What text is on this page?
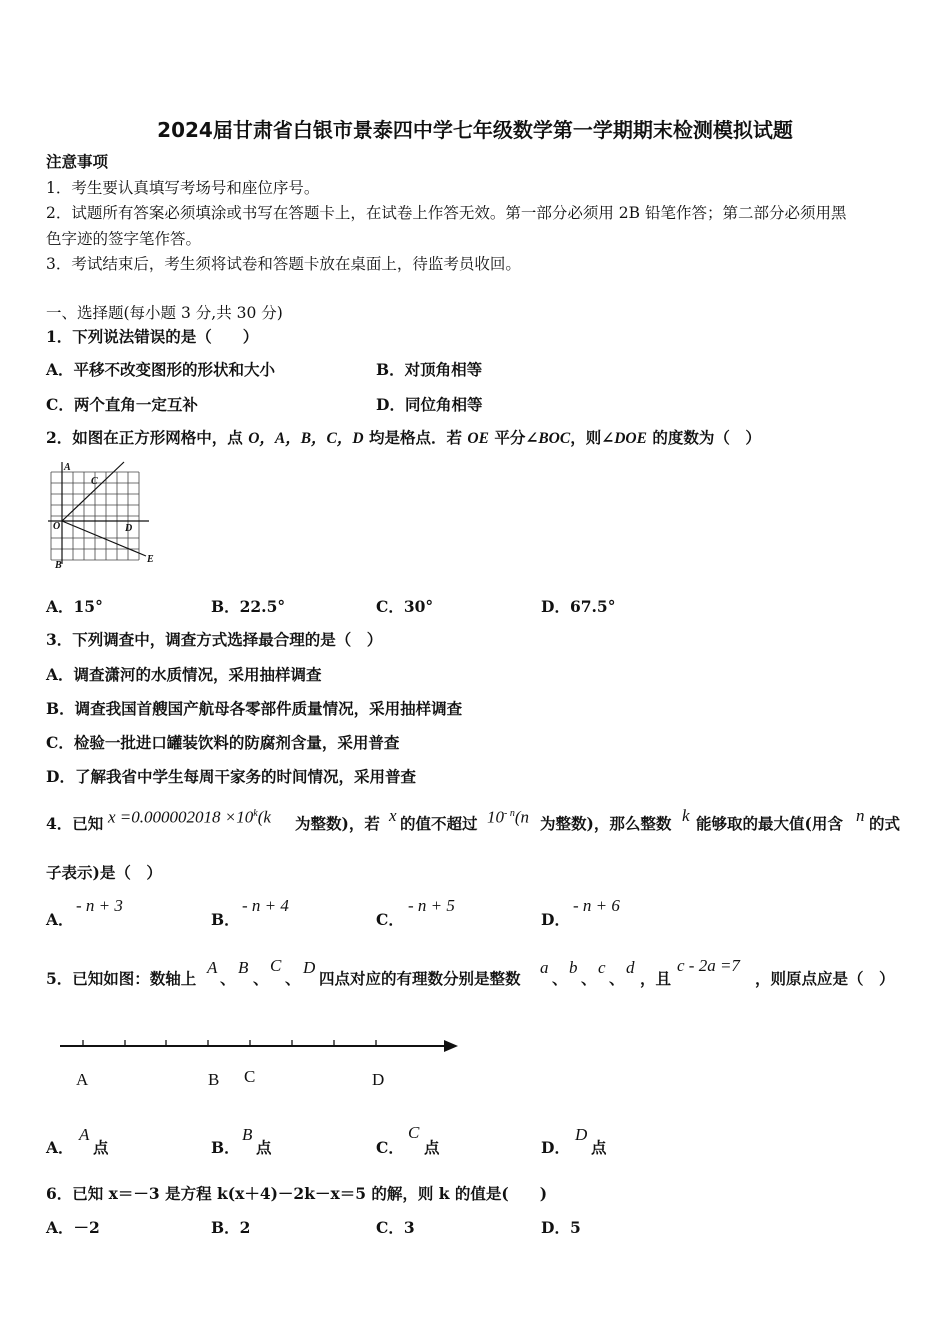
2024届甘肃省白银市景泰四中学七年级数学第一学期期末检测模拟试题
注意事项
1．考生要认真填写考场号和座位序号。
2．试题所有答案必须填涂或书写在答题卡上，在试卷上作答无效。第一部分必须用 2B 铅笔作答；第二部分必须用黑
色字迹的签字笔作答。
3．考试结束后，考生须将试卷和答题卡放在桌面上，待监考员收回。
一、选择题(每小题 3 分,共 30 分)
1．下列说法错误的是（　　）
A．平移不改变图形的形状和大小	B．对顶角相等
C．两个直角一定互补	D．同位角相等
2．如图在正方形网格中，点 O，A，B，C，D 均是格点．若 OE 平分∠BOC，则∠DOE 的度数为（　）
A
C
O	D
B
E
A．15°	B．22.5°	C．30°	D．67.5°
3．下列调查中，调查方式选择最合理的是（　）
A．调查潇河的水质情况，采用抽样调查
B．调查我国首艘国产航母各零部件质量情况，采用抽样调查
C．检验一批进口罐装饮料的防腐剂含量，采用普查
D．了解我省中学生每周干家务的时间情况，采用普查
4．已知 $x =0.000002018 \times 10^k(k$ 为整数)，若 x 的值不超过 $10^{- n}(n$ 为整数)，那么整数 k 能够取的最大值(用含 n 的式
子表示)是（　）
A．
- n + 3
B．
- n + 4
C．
- n + 5
D．
- n + 6
5．已知如图：数轴上
A
、
B
、
C
、
D
四点对应的有理数分别是整数
a
、
b
、
c
、
d
，且
c - 2a =7
，则原点应是（　）
A	B C	D
A．
A
点	B．
B
点	C．
C
点	D．
D
点
6．已知 x＝－3 是方程 k(x＋4)－2k－x＝5 的解，则 k 的值是(　　)
A．－2	B．2	C．3	D．5
